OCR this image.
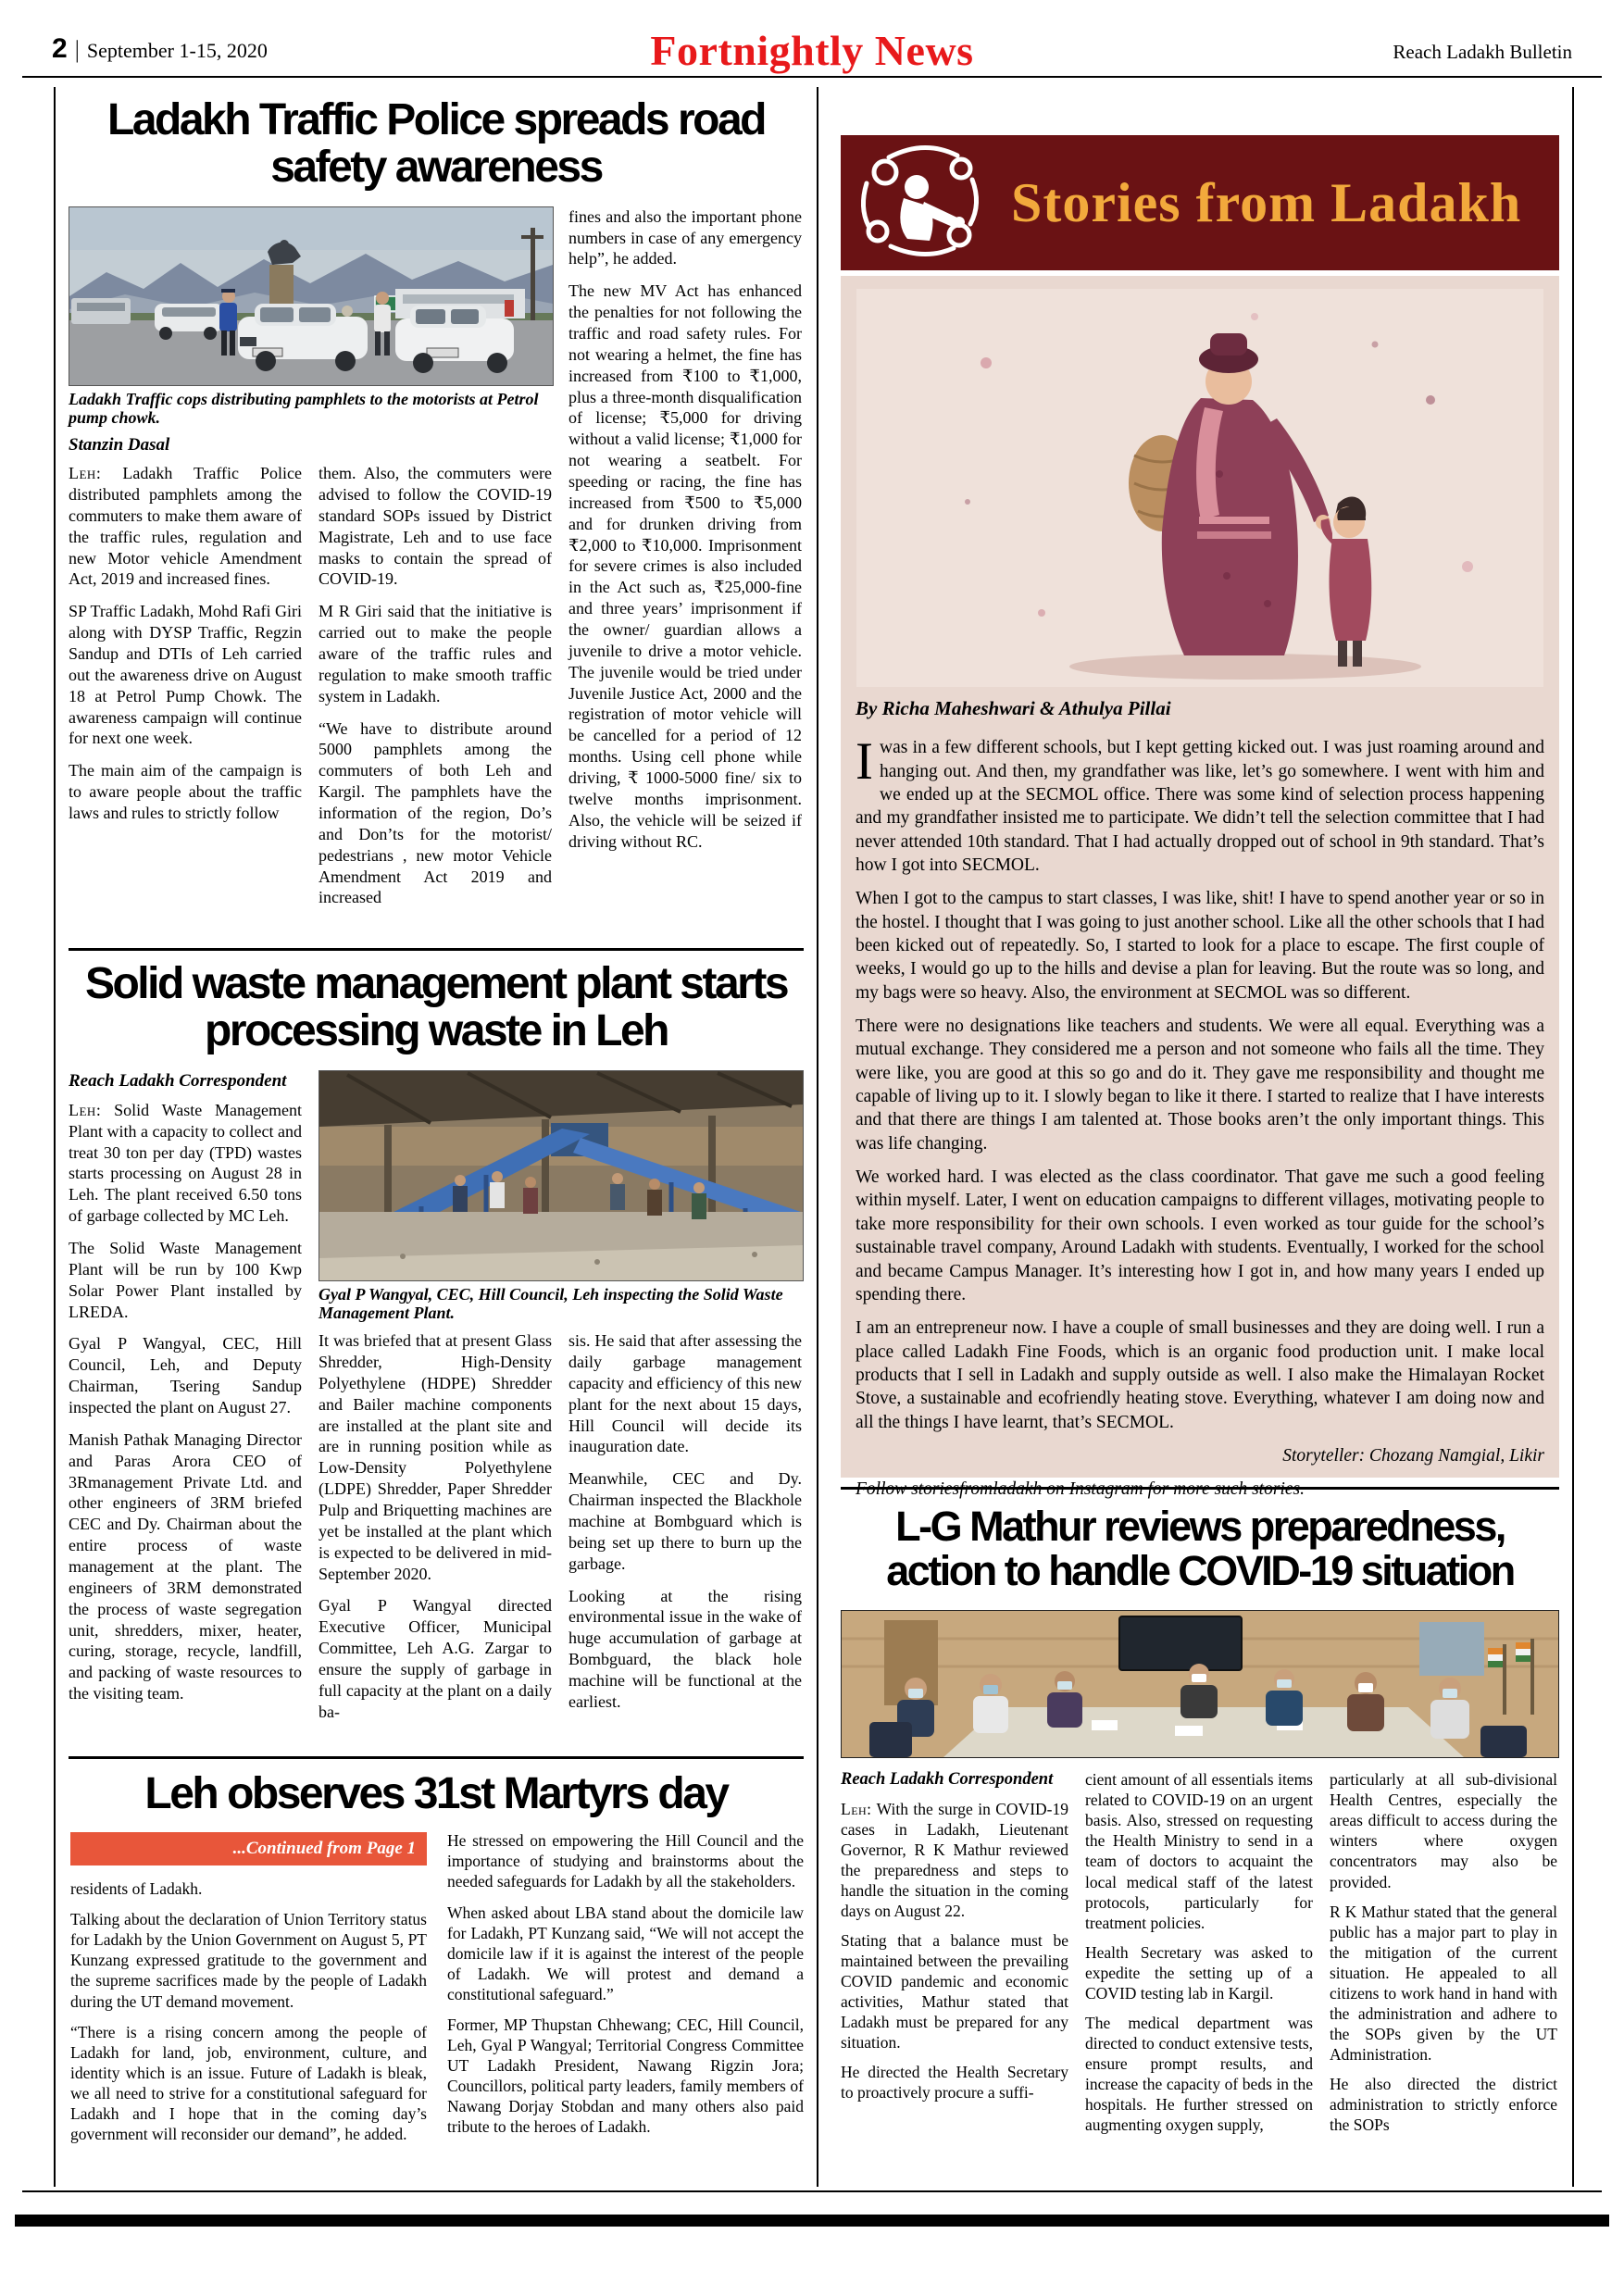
2 | September 1-15, 2020	Fortnightly News	Reach Ladakh Bulletin
Ladakh Traffic Police spreads road safety awareness
Ladakh Traffic cops distributing pamphlets to the motorists at Petrol pump chowk.
Stanzin Dasal

Leh: Ladakh Traffic Police distributed pamphlets among the commuters to make them aware of the traffic rules, regulation and new Motor vehicle Amendment Act, 2019 and increased fines.

SP Traffic Ladakh, Mohd Rafi Giri along with DYSP Traffic, Regzin Sandup and DTIs of Leh carried out the awareness drive on August 18 at Petrol Pump Chowk. The awareness campaign will continue for next one week.

The main aim of the campaign is to aware people about the traffic laws and rules to strictly follow

them. Also, the commuters were advised to follow the COVID-19 standard SOPs issued by District Magistrate, Leh and to use face masks to contain the spread of COVID-19.

M R Giri said that the initiative is carried out to make the people aware of the traffic rules and regulation to make smooth traffic system in Ladakh.

“We have to distribute around 5000 pamphlets among the commuters of both Leh and Kargil. The pamphlets have the information of the region, Do’s and Don’ts for the motorist/ pedestrians , new motor Vehicle Amendment Act 2019 and increased

fines and also the important phone numbers in case of any emergency help”, he added.

The new MV Act has enhanced the penalties for not following the traffic and road safety rules. For not wearing a helmet, the fine has increased from ₹100 to ₹1,000, plus a three-month disqualification of license; ₹5,000 for driving without a valid license; ₹1,000 for not wearing a seatbelt. For speeding or racing, the fine has increased from ₹500 to ₹5,000 and for drunken driving from ₹2,000 to ₹10,000. Imprisonment for severe crimes is also included in the Act such as, ₹25,000-fine and three years’ imprisonment if the owner/ guardian allows a juvenile to drive a motor vehicle. The juvenile would be tried under Juvenile Justice Act, 2000 and the registration of motor vehicle will be cancelled for a period of 12 months. Using cell phone while driving, ₹ 1000-5000 fine/ six to twelve months imprisonment. Also, the vehicle will be seized if driving without RC.

Solid waste management plant starts processing waste in Leh
Reach Ladakh Correspondent

Leh: Solid Waste Management Plant with a capacity to collect and treat 30 ton per day (TPD) wastes starts processing on August 28 in Leh. The plant received 6.50 tons of garbage collected by MC Leh.

The Solid Waste Management Plant will be run by 100 Kwp Solar Power Plant installed by LREDA.

Gyal P Wangyal, CEC, Hill Council, Leh, and Deputy Chairman, Tsering Sandup inspected the plant on August 27.

Manish Pathak Managing Director and Paras Arora CEO of 3Rmanagement Private Ltd. and other engineers of 3RM briefed CEC and Dy. Chairman about the entire process of waste management at the plant. The engineers of 3RM demonstrated the process of waste segregation unit, shredders, mixer, heater, curing, storage, recycle, landfill, and packing of waste resources to the visiting team.

Gyal P Wangyal, CEC, Hill Council, Leh inspecting the Solid Waste Management Plant.

It was briefed that at present Glass Shredder, High-Density Polyethylene (HDPE) Shredder and Bailer machine components are installed at the plant site and are in running position while as Low-Density Polyethylene (LDPE) Shredder, Paper Shredder Pulp and Briquetting machines are yet be installed at the plant which is expected to be delivered in mid-September 2020.

Gyal P Wangyal directed Executive Officer, Municipal Committee, Leh A.G. Zargar to ensure the supply of garbage in full capacity at the plant on a daily ba-

sis. He said that after assessing the daily garbage management capacity and efficiency of this new plant for the next about 15 days, Hill Council will decide its inauguration date.

Meanwhile, CEC and Dy. Chairman inspected the Blackhole machine at Bombguard which is being set up there to burn up the garbage.

Looking at the rising environmental issue in the wake of huge accumulation of garbage at Bombguard, the black hole machine will be functional at the earliest.

Leh observes 31st Martyrs day
...Continued from Page 1

residents of Ladakh.

Talking about the declaration of Union Territory status for Ladakh by the Union Government on August 5, PT Kunzang expressed gratitude to the government and the supreme sacrifices made by the people of Ladakh during the UT demand movement.

“There is a rising concern among the people of Ladakh for land, job, environment, culture, and identity which is an issue. Future of Ladakh is bleak, we all need to strive for a constitutional safeguard for Ladakh and I hope that in the coming day’s government will reconsider our demand”, he added.

He stressed on empowering the Hill Council and the importance of studying and brainstorms about the needed safeguards for Ladakh by all the stakeholders.

When asked about LBA stand about the domicile law for Ladakh, PT Kunzang said, “We will not accept the domicile law if it is against the interest of the people of Ladakh. We will protest and demand a constitutional safeguard.”

Former, MP Thupstan Chhewang; CEC, Hill Council, Leh, Gyal P Wangyal; Territorial Congress Committee UT Ladakh President, Nawang Rigzin Jora; Councillors, political party leaders, family members of Nawang Dorjay Stobdan and many others also paid tribute to the heroes of Ladakh.

Stories from Ladakh
By Richa Maheshwari & Athulya Pillai

Iwas in a few different schools, but I kept getting kicked out. I was just roaming around and hanging out. And then, my grandfather was like, let’s go somewhere. I went with him and we ended up at the SECMOL office. There was some kind of selection process happening and my grandfather insisted me to participate. We didn’t tell the selection committee that I had never attended 10th standard. That I had actually dropped out of school in 9th standard. That’s how I got into SECMOL.

When I got to the campus to start classes, I was like, shit! I have to spend another year or so in the hostel. I thought that I was going to just another school. Like all the other schools that I had been kicked out of repeatedly. So, I started to look for a place to escape. The first couple of weeks, I would go up to the hills and devise a plan for leaving. But the route was so long, and my bags were so heavy. Also, the environment at SECMOL was so different.

There were no designations like teachers and students. We were all equal. Everything was a mutual exchange. They considered me a person and not someone who fails all the time. They were like, you are good at this so go and do it. They gave me responsibility and thought me capable of living up to it. I slowly began to like it there. I started to realize that I have interests and that there are things I am talented at. Those books aren’t the only important things. This was life changing.

We worked hard. I was elected as the class coordinator. That gave me such a good feeling within myself. Later, I went on education campaigns to different villages, motivating people to take more responsibility for their own schools. I even worked as tour guide for the school’s sustainable travel company, Around Ladakh with students. Eventually, I worked for the school and became Campus Manager. It’s interesting how I got in, and how many years I ended up spending there.

I am an entrepreneur now. I have a couple of small businesses and they are doing well. I run a place called Ladakh Fine Foods, which is an organic food production unit. I make local products that I sell in Ladakh and supply outside as well. I also make the Himalayan Rocket Stove, a sustainable and ecofriendly heating stove. Everything, whatever I am doing now and all the things I have learnt, that’s SECMOL.

Storyteller: Chozang Namgial, Likir

Follow storiesfromladakh on Instagram for more such stories.

L-G Mathur reviews preparedness, action to handle COVID-19 situation
Reach Ladakh Correspondent

Leh: With the surge in COVID-19 cases in Ladakh, Lieutenant Governor, R K Mathur reviewed the preparedness and steps to handle the situation in the coming days on August 22.

Stating that a balance must be maintained between the prevailing COVID pandemic and economic activities, Mathur stated that Ladakh must be prepared for any situation.

He directed the Health Secretary to proactively procure a suffi-

cient amount of all essentials items related to COVID-19 on an urgent basis. Also, stressed on requesting the Health Ministry to send in a team of doctors to acquaint the local medical staff of the latest protocols, particularly for treatment policies.

Health Secretary was asked to expedite the setting up of a COVID testing lab in Kargil.

The medical department was directed to conduct extensive tests, ensure prompt results, and increase the capacity of beds in the hospitals. He further stressed on augmenting oxygen supply,

particularly at all sub-divisional Health Centres, especially the areas difficult to access during the winters where oxygen concentrators may also be provided.

R K Mathur stated that the general public has a major part to play in the mitigation of the current situation. He appealed to all citizens to work hand in hand with the administration and adhere to the SOPs given by the UT Administration.

He also directed the district administration to strictly enforce the SOPs
